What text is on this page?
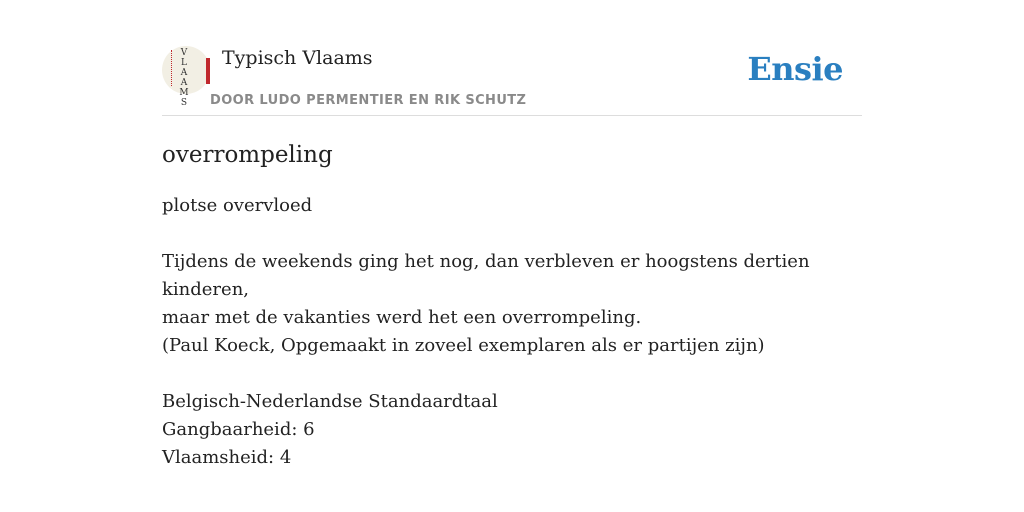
V
L
A
A
M
S
Typisch Vlaams
DOOR LUDO PERMENTIER EN RIK SCHUTZ
Ensie
overrompeling

plotse overvloed

Tijdens de weekends ging het nog, dan verbleven er hoogstens dertien kinderen,

maar met de vakanties werd het een overrompeling.

(Paul Koeck, Opgemaakt in zoveel exemplaren als er partijen zijn)

Belgisch-Nederlandse Standaardtaal

Gangbaarheid: 6

Vlaamsheid: 4
